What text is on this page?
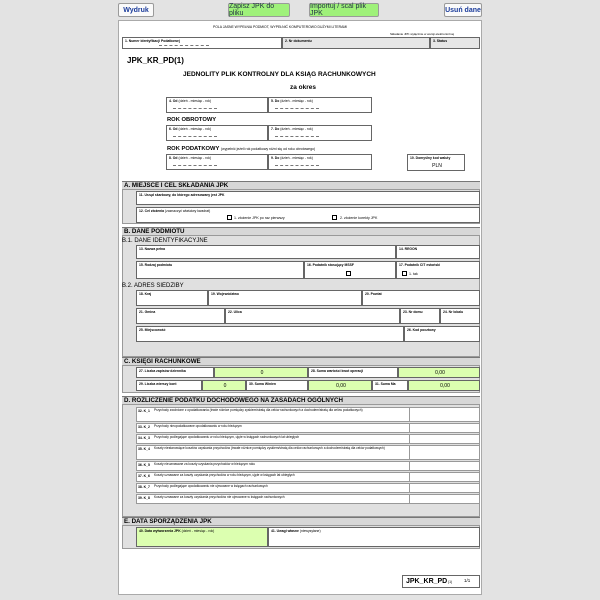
Wydruk	Zapisz JPK do pliku
Importuj / scal plik JPK	Usuń dane
POLA JASNE WYPEŁNIA PODMIOT, WYPEŁNIĆ KOMPUTEROWO DUŻYMI LITERAMI
Składanie JPK wyłącznie w wersji elektronicznej
1. Numer identyfikacji Podatkowej	2. Nr dokumentu	3. Status
JPK_KR_PD(1)
JEDNOLITY PLIK KONTROLNY DLA KSIĄG RACHUNKOWYCH
za okres
4. Od (dzień - miesiąc - rok)	5. Do (dzień - miesiąc - rok)
ROK OBROTOWY
6. Od (dzień - miesiąc - rok)	7. Do (dzień - miesiąc - rok)
ROK PODATKOWY (wypełnić jeżeli rok podatkowy różni się od roku obrotowego)
8. Od (dzień - miesiąc - rok)	9. Do (dzień - miesiąc - rok)	10. Domyślny kod waluty
PLN
A. MIEJSCE I CEL SKŁADANIA JPK
11. Urząd skarbowy, do którego adresowany jest JPK
12. Cel złożenia (zaznaczyć właściwy kwadrat)
1. złożenie JPK po raz pierwszy	2. złożenie korekty JPK
B. DANE PODMIOTU
B.1. DANE IDENTYFIKACYJNE
13. Nazwa pełna	14. REGON
15. Rodzaj podmiotu	16. Podatnik stosujący MSSF	17. Podatnik CIT estoński
1. tak
B.2. ADRES SIEDZIBY
18. Kraj	19. Województwo	20. Powiat
21. Gmina	22. Ulica	23. Nr domu	24. Nr lokalu
25. Miejscowość	26. Kod pocztowy
C. KSIĘGI RACHUNKOWE
27. Liczba zapisów dziennika	0	28. Suma wartości kwot operacji	0,00
29. Liczba wierszy kont	0	30. Suma Winien	0,00	31. Suma Ma	0,00
D. ROZLICZENIE PODATKU DOCHODOWEGO NA ZASADACH OGÓLNYCH
32. K_1 Przychody zwolnione z opodatkowania (tnwie różnice pomiędzy zyskiem/stratą dla celów rachunkowych a dochodem/stratą dla celów podatkowych)
33. K_2 Przychody nieopodatkowane opodatkowaniu w roku bieżącym
34. K_3 Przychody podlegające opodatkowaniu w roku bieżącym, ujęte w księgach rachunkowych lat ubiegłych
35. K_4 Koszty niestanowiące kosztów uzyskania przychodów (trwałe różnice pomiędzy zyskiem/stratą dla celów rachunkowych a dochodem/stratą dla celów podatkowych)
36. K_5 Koszty nieuznawane za koszty uzyskania przychodów w bieżącym roku
37. K_6 Koszty uznawane za koszty uzyskania przychodów w roku bieżącym, ujęte w księgach lat ubiegłych
38. K_7 Przychody podlegające opodatkowaniu nie ujmowane w księgach rachunkowych
39. K_8 Koszty uznawane za koszty uzyskania przychodów nie ujmowane w księgach rachunkowych
E. DATA SPORZĄDZENIA JPK
40. Data wytworzenia JPK (dzień - miesiąc - rok)	41. Uwagi własne (niewysyłane)
JPK_KR_PD (1)	1/1
